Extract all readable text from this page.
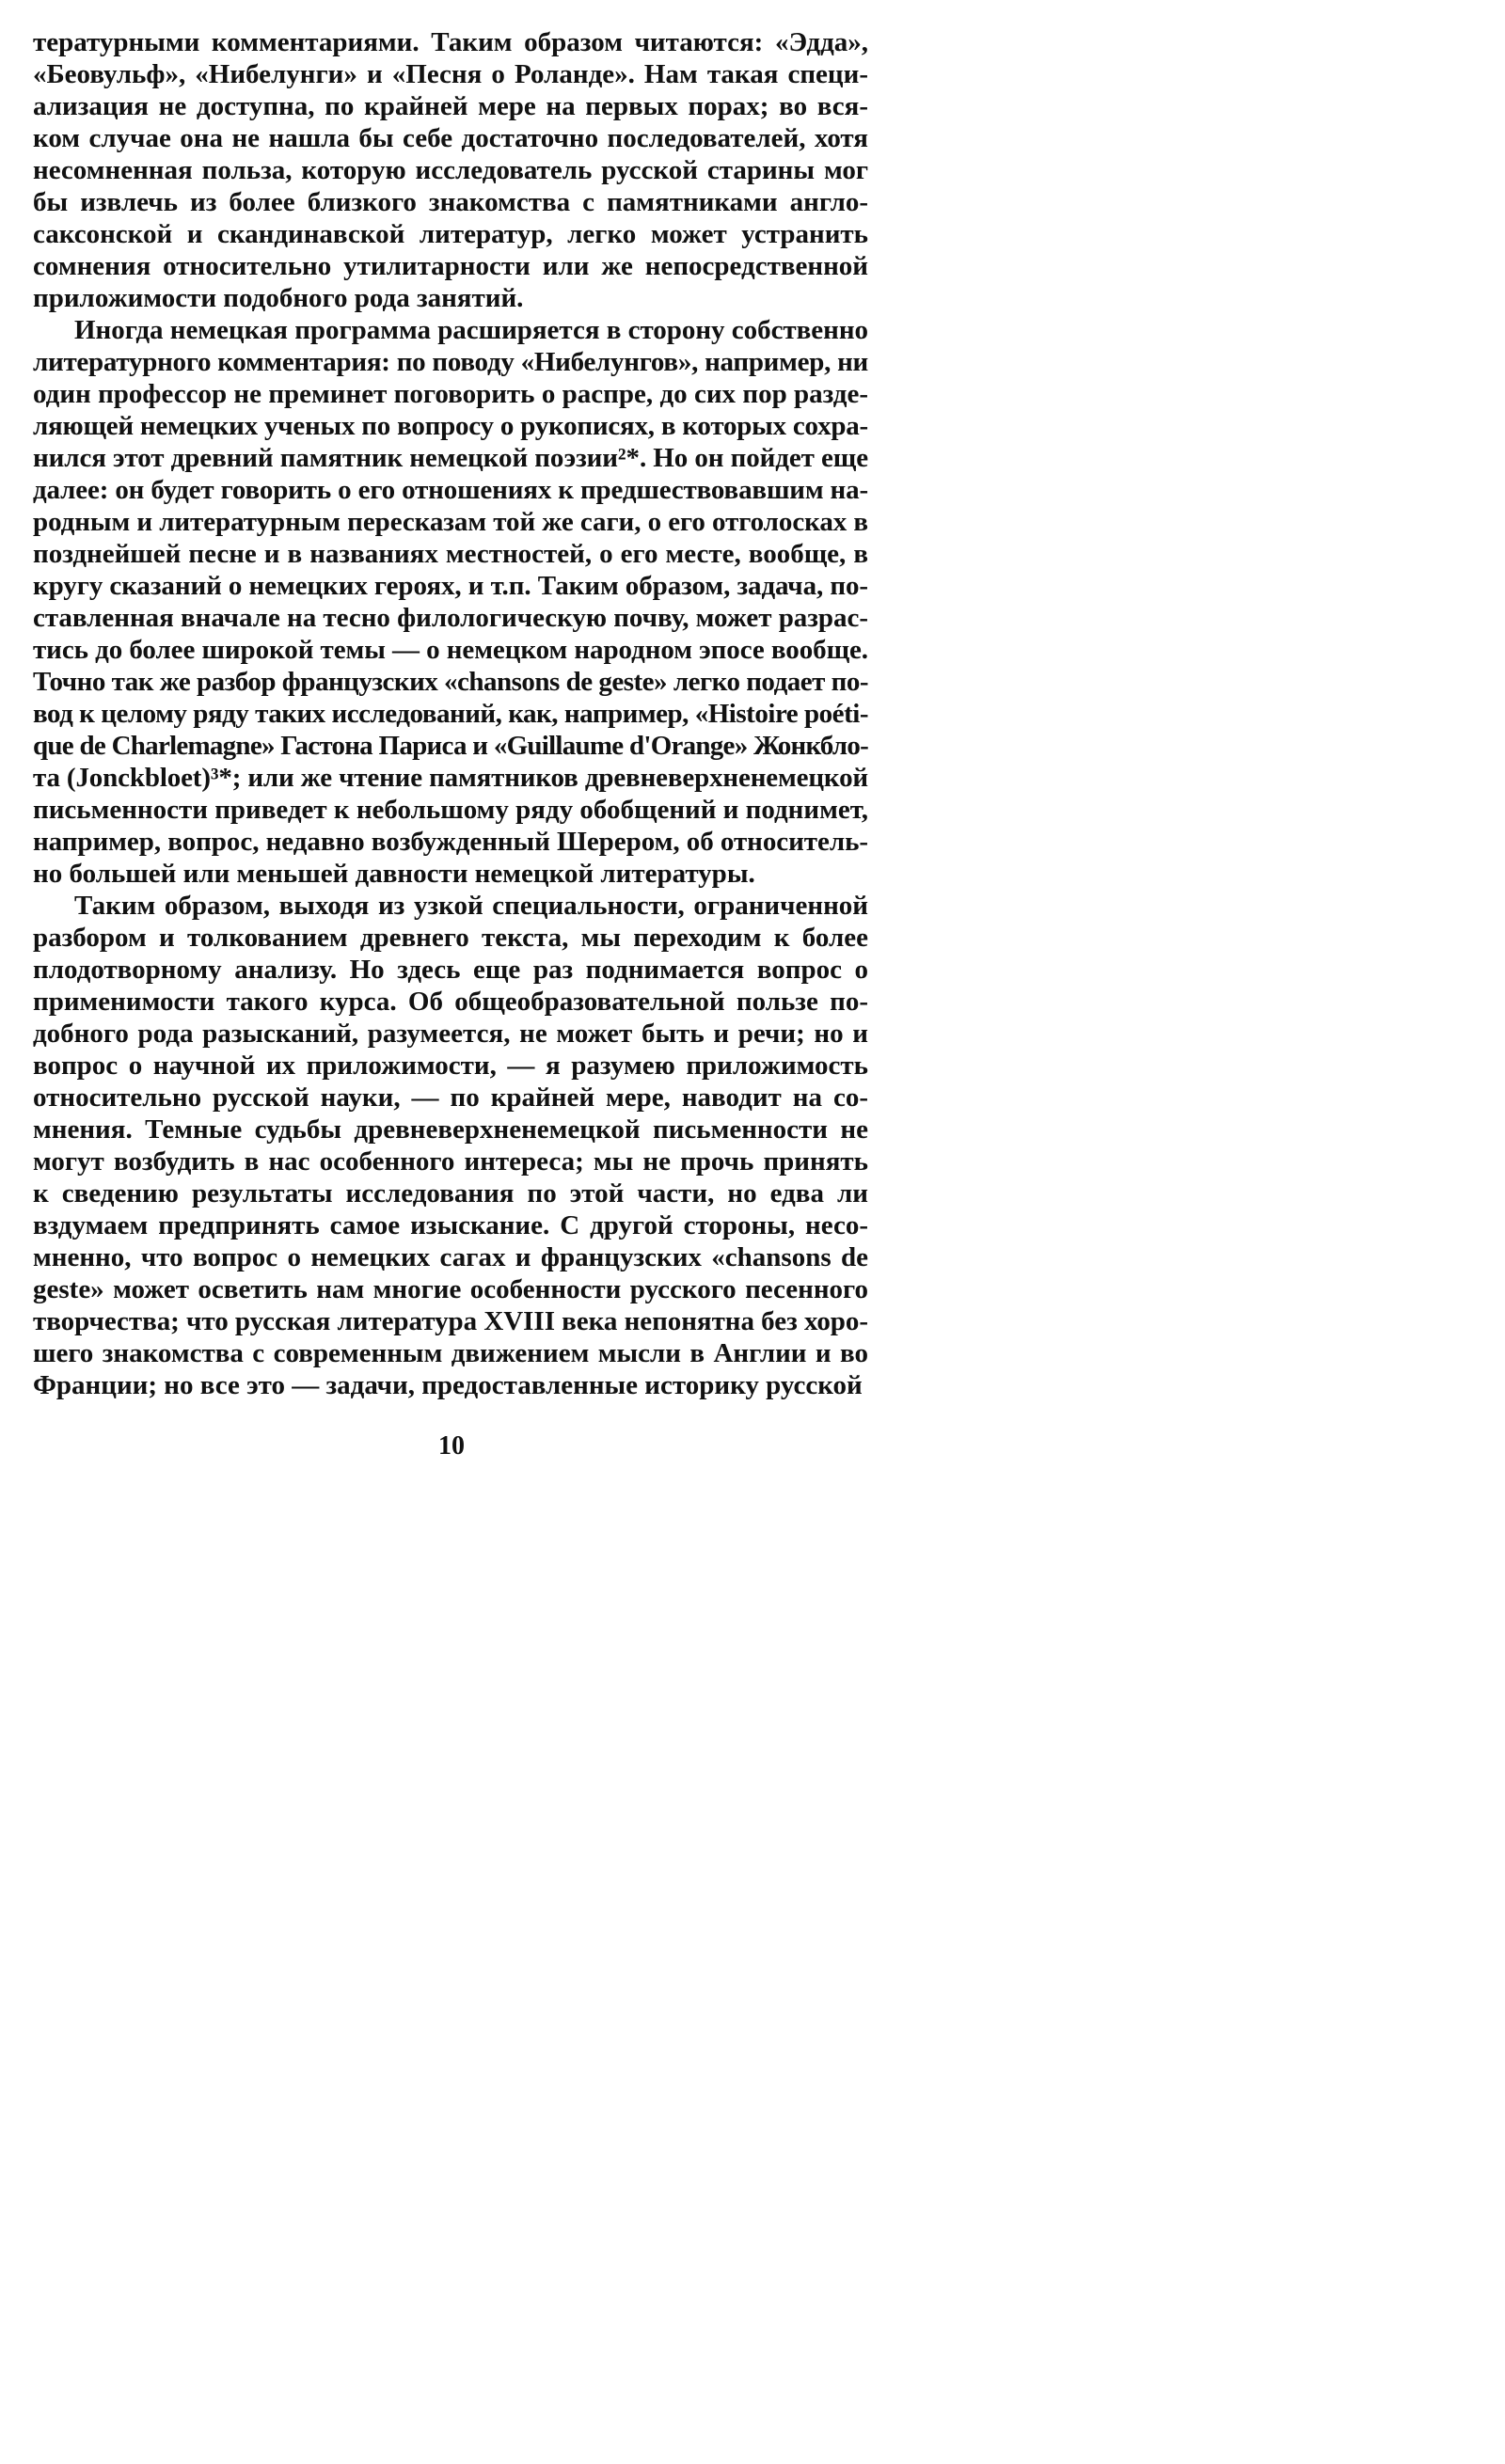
тературными комментариями. Таким образом читаются: «Эдда»,
«Беовульф», «Нибелунги» и «Песня о Роланде». Нам такая специ-
ализация не доступна, по крайней мере на первых порах; во вся-
ком случае она не нашла бы себе достаточно последователей, хотя
несомненная польза, которую исследователь русской старины мог
бы извлечь из более близкого знакомства с памятниками англо-
саксонской и скандинавской литератур, легко может устранить
сомнения относительно утилитарности или же непосредственной
приложимости подобного рода занятий.
Иногда немецкая программа расширяется в сторону собственно
литературного комментария: по поводу «Нибелунгов», например, ни
один профессор не преминет поговорить о распре, до сих пор разде-
ляющей немецких ученых по вопросу о рукописях, в которых сохра-
нился этот древний памятник немецкой поэзии²*. Но он пойдет еще
далее: он будет говорить о его отношениях к предшествовавшим на-
родным и литературным пересказам той же саги, о его отголосках в
позднейшей песне и в названиях местностей, о его месте, вообще, в
кругу сказаний о немецких героях, и т.п. Таким образом, задача, по-
ставленная вначале на тесно филологическую почву, может разрас-
тись до более широкой темы — о немецком народном эпосе вообще.
Точно так же разбор французских «chansons de geste» легко подает по-
вод к целому ряду таких исследований, как, например, «Histoire poéti-
que de Charlemagne» Гастона Париса и «Guillaume d'Orange» Жонкбло-
та (Jonckbloet)³*; или же чтение памятников древневерхненемецкой
письменности приведет к небольшому ряду обобщений и поднимет,
например, вопрос, недавно возбужденный Шерером, об относитель-
но большей или меньшей давности немецкой литературы.
Таким образом, выходя из узкой специальности, ограниченной
разбором и толкованием древнего текста, мы переходим к более
плодотворному анализу. Но здесь еще раз поднимается вопрос о
применимости такого курса. Об общеобразовательной пользе по-
добного рода разысканий, разумеется, не может быть и речи; но и
вопрос о научной их приложимости, — я разумею приложимость
относительно русской науки, — по крайней мере, наводит на со-
мнения. Темные судьбы древневерхненемецкой письменности не
могут возбудить в нас особенного интереса; мы не прочь принять
к сведению результаты исследования по этой части, но едва ли
вздумаем предпринять самое изыскание. С другой стороны, несо-
мненно, что вопрос о немецких сагах и французских «chansons de
geste» может осветить нам многие особенности русского песенного
творчества; что русская литература XVIII века непонятна без хоро-
шего знакомства с современным движением мысли в Англии и во
Франции; но все это — задачи, предоставленные историку русской
10
